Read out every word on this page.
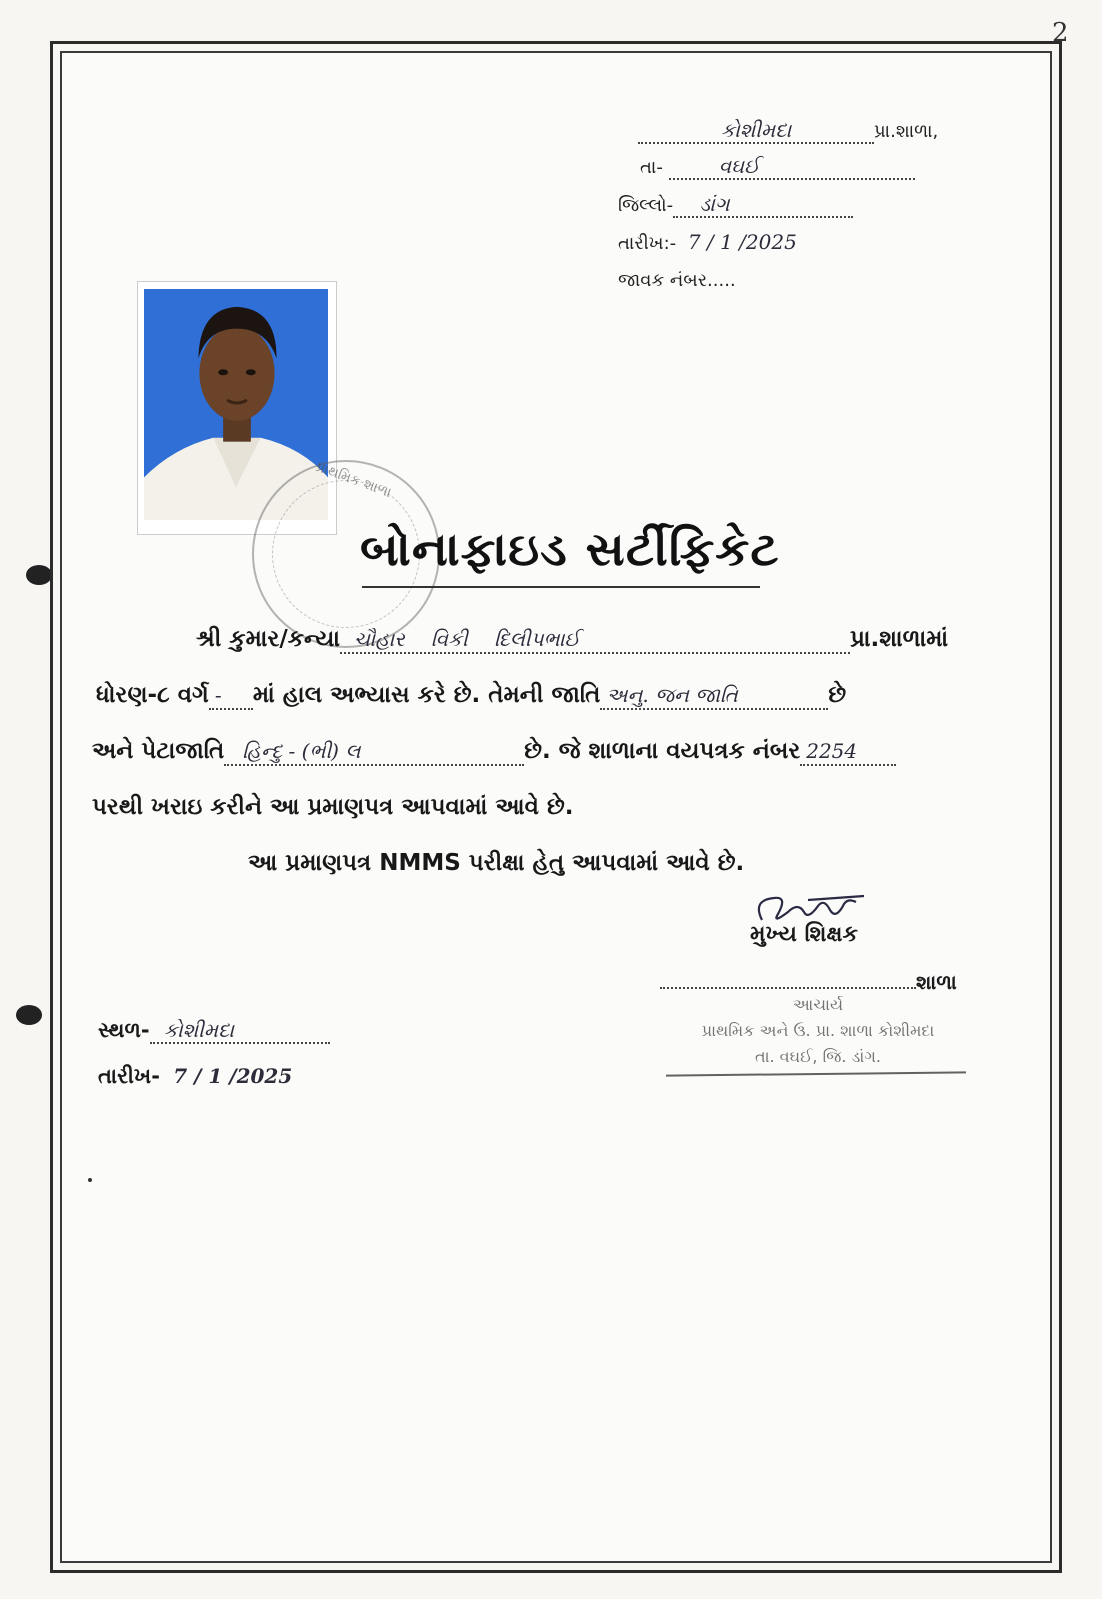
2
કોશીમદા	પ્રા.શાળા,
તા-	વઘઈ
જિલ્લો- ડાંગ
તારીખ:- 7 / 1 /2025
જાવક નંબર.....
પ્રાથમિક શાળા
બોનાફાઇડ સર્ટીફિકેટ
શ્રી કુમાર/કન્યા ચૌહાર વિકી દિલીપભાઈ	પ્રા.શાળામાં
ધોરણ-૮ વર્ગ - માં હાલ અભ્યાસ કરે છે. તેમની જાતિ અનુ. જન જાતિ	છે
અને પેટાજાતિ હિન્દુ - (ભી) લ	છે. જે શાળાના વયપત્રક નંબર 2254
પરથી ખરાઇ કરીને આ પ્રમાણપત્ર આપવામાં આવે છે.
આ પ્રમાણપત્ર NMMS પરીક્ષા હેતુ આપવામાં આવે છે.
મુખ્ય શિક્ષક
શાળા
આચાર્ય
પ્રાથમિક અને ઉ. પ્રા. શાળા કોશીમદા
તા. વઘઈ, જિ. ડાંગ.
સ્થળ- કોશીમદા
તારીખ- 7 / 1 /2025
